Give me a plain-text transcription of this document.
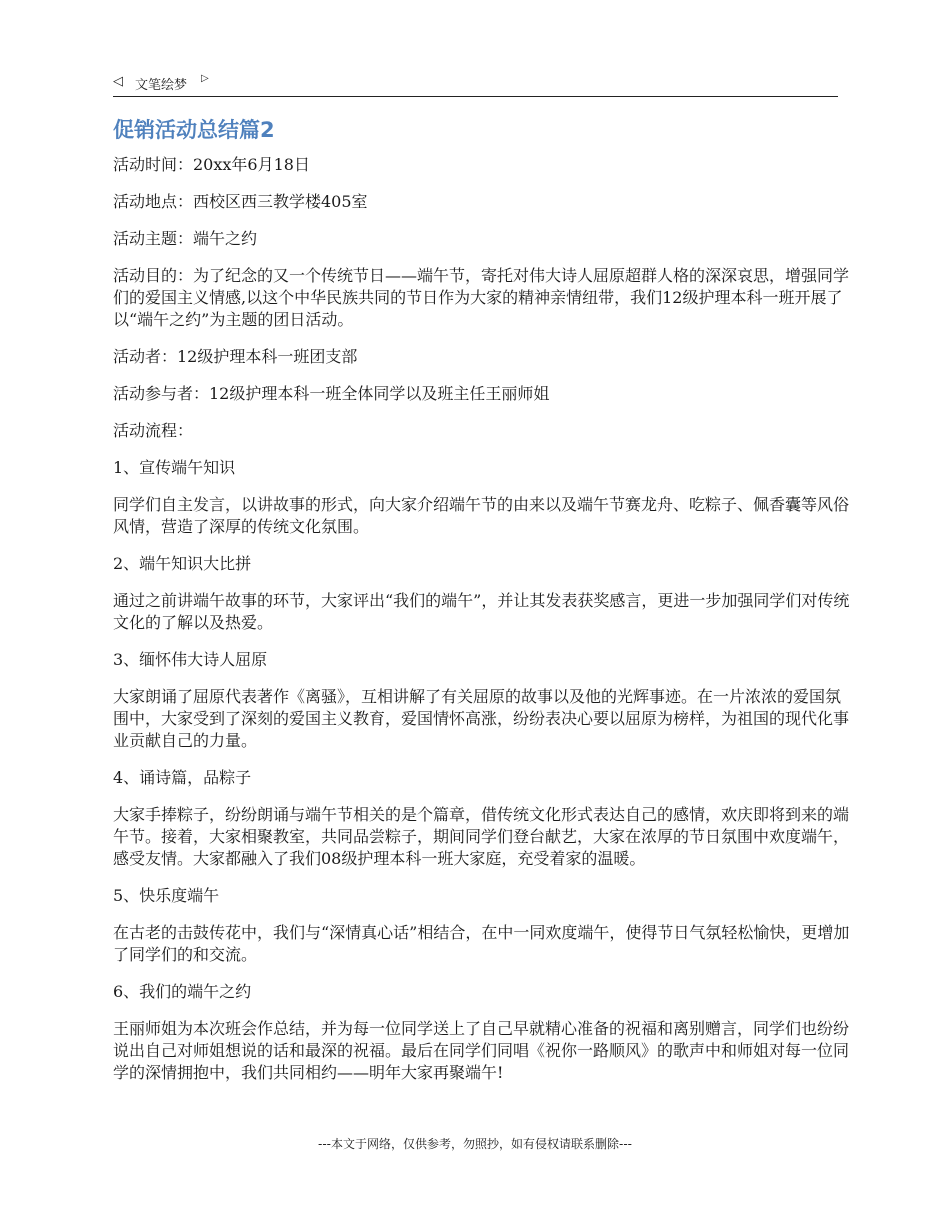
◁ 文笔绘梦 ▷
促销活动总结篇2

活动时间：20xx年6月18日

活动地点：西校区西三教学楼405室

活动主题：端午之约

活动目的：为了纪念的又一个传统节日——端午节，寄托对伟大诗人屈原超群人格的深深哀思，增强同学们的爱国主义情感,以这个中华民族共同的节日作为大家的精神亲情纽带，我们12级护理本科一班开展了以“端午之约”为主题的团日活动。

活动者：12级护理本科一班团支部

活动参与者：12级护理本科一班全体同学以及班主任王丽师姐

活动流程：

1、宣传端午知识

同学们自主发言，以讲故事的形式，向大家介绍端午节的由来以及端午节赛龙舟、吃粽子、佩香囊等风俗风情，营造了深厚的传统文化氛围。

2、端午知识大比拼

通过之前讲端午故事的环节，大家评出“我们的端午”，并让其发表获奖感言，更进一步加强同学们对传统文化的了解以及热爱。

3、缅怀伟大诗人屈原

大家朗诵了屈原代表著作《离骚》，互相讲解了有关屈原的故事以及他的光辉事迹。在一片浓浓的爱国氛围中，大家受到了深刻的爱国主义教育，爱国情怀高涨，纷纷表决心要以屈原为榜样，为祖国的现代化事业贡献自己的力量。

4、诵诗篇，品粽子

大家手捧粽子，纷纷朗诵与端午节相关的是个篇章，借传统文化形式表达自己的感情，欢庆即将到来的端午节。接着，大家相聚教室，共同品尝粽子，期间同学们登台献艺，大家在浓厚的节日氛围中欢度端午，感受友情。大家都融入了我们08级护理本科一班大家庭，充受着家的温暖。

5、快乐度端午

在古老的击鼓传花中，我们与“深情真心话”相结合，在中一同欢度端午，使得节日气氛轻松愉快，更增加了同学们的和交流。

6、我们的端午之约

王丽师姐为本次班会作总结，并为每一位同学送上了自己早就精心准备的祝福和离别赠言，同学们也纷纷说出自己对师姐想说的话和最深的祝福。最后在同学们同唱《祝你一路顺风》的歌声中和师姐对每一位同学的深情拥抱中，我们共同相约——明年大家再聚端午!

---本文于网络，仅供参考，勿照抄，如有侵权请联系删除---
